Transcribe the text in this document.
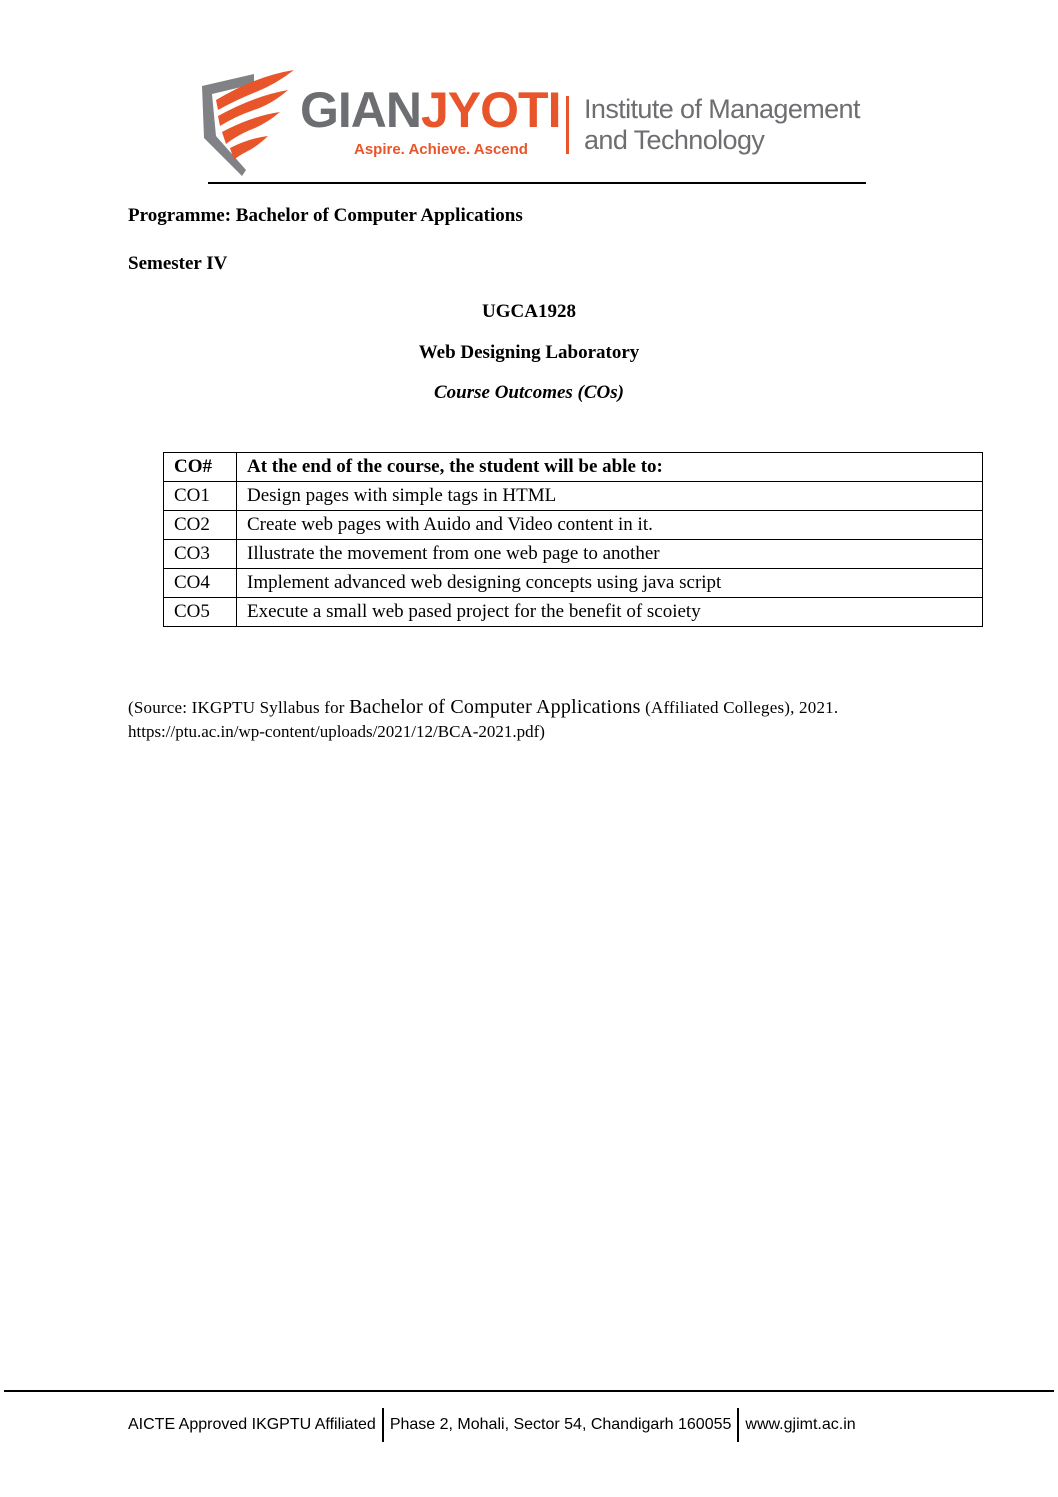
GIANJYOTI
Aspire. Achieve. Ascend
Institute of Management
and Technology
Programme: Bachelor of Computer Applications
Semester IV
UGCA1928
Web Designing Laboratory
Course Outcomes (COs)
CO#	At the end of the course, the student will be able to:
CO1	Design pages with simple tags in HTML
CO2	Create web pages with Auido and Video content in it.
CO3	Illustrate the movement from one web page to another
CO4	Implement advanced web designing concepts using java script
CO5	Execute a small web pased project for the benefit of scoiety
(Source: IKGPTU Syllabus for Bachelor of Computer Applications (Affiliated Colleges), 2021.
https://ptu.ac.in/wp-content/uploads/2021/12/BCA-2021.pdf)
AICTE Approved IKGPTU Affiliated Phase 2, Mohali, Sector 54, Chandigarh 160055 www.gjimt.ac.in
